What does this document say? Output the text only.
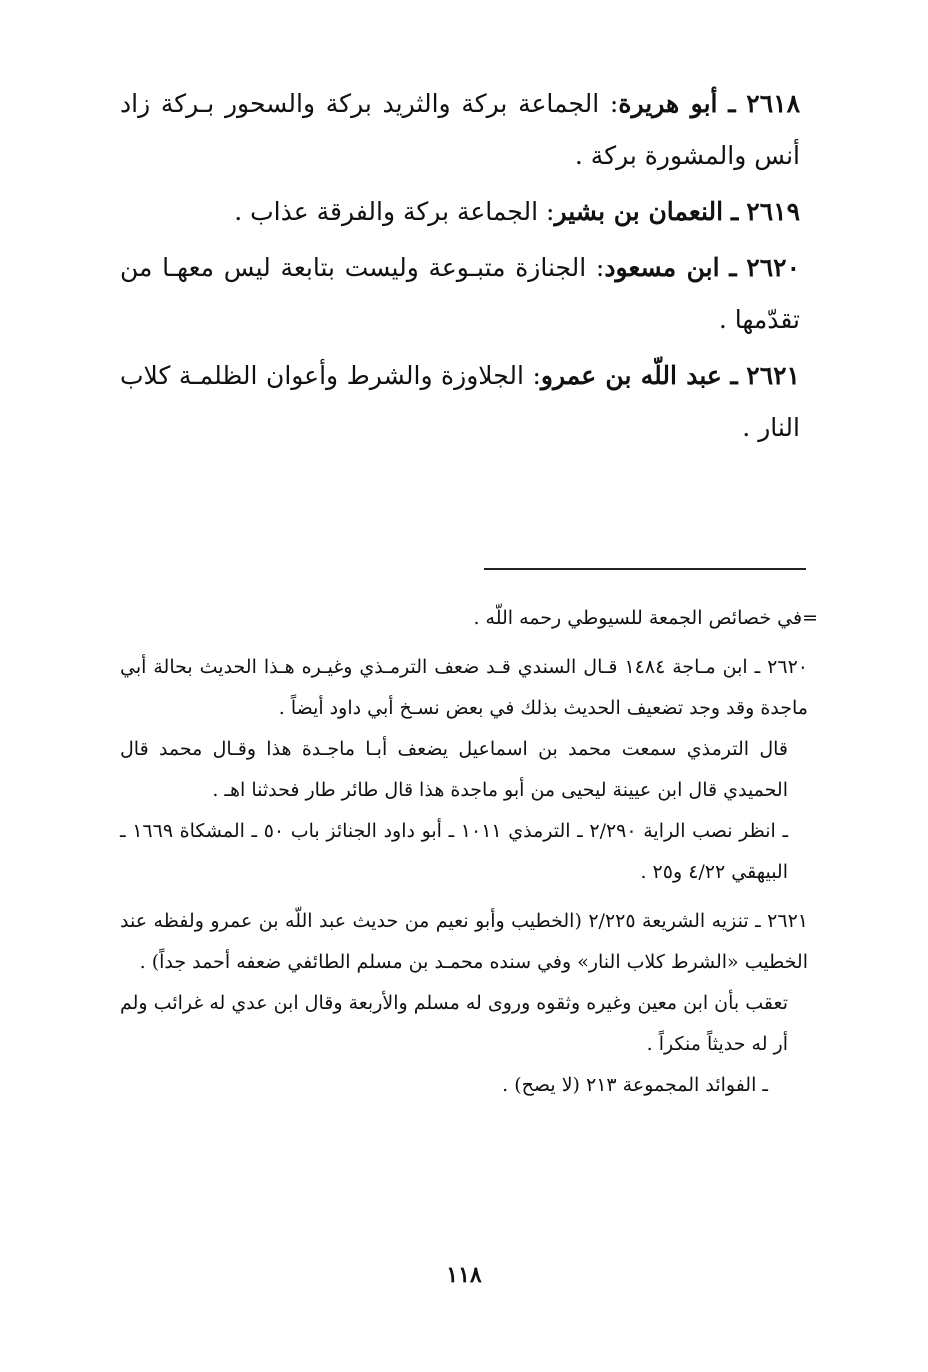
٢٦١٨ ـ أبو هريرة: الجماعة بركة والثريد بركة والسحور بـركة زاد أنس والمشورة بركة .

٢٦١٩ ـ النعمان بن بشير: الجماعة بركة والفرقة عذاب .

٢٦٢٠ ـ ابن مسعود: الجنازة متبـوعة وليست بتابعة ليس معهـا من تقدّمها .

٢٦٢١ ـ عبد اللّه بن عمرو: الجلاوزة والشرط وأعوان الظلمـة كلاب النار .

=في خصائص الجمعة للسيوطي رحمه اللّه .

٢٦٢٠ ـ ابن مـاجة ١٤٨٤ قـال السندي قـد ضعف الترمـذي وغيـره هـذا الحديث بحالة أبي ماجدة وقد وجد تضعيف الحديث بذلك في بعض نسـخ أبي داود أيضاً .

قال الترمذي سمعت محمد بن اسماعيل يضعف أبـا ماجـدة هذا وقـال محمد قال الحميدي قال ابن عيينة ليحيى من أبو ماجدة هذا قال طائر طار فحدثنا اهـ .

ـ انظر نصب الراية ٢/٢٩٠ ـ الترمذي ١٠١١ ـ أبو داود الجنائز باب ٥٠ ـ المشكاة ١٦٦٩ ـ البيهقي ٤/٢٢ و٢٥ .

٢٦٢١ ـ تنزيه الشريعة ٢/٢٢٥ (الخطيب وأبو نعيم من حديث عبد اللّه بن عمرو ولفظه عند الخطيب «الشرط كلاب النار» وفي سنده محمـد بن مسلم الطائفي ضعفه أحمد جداً) .

تعقب بأن ابن معين وغيره وثقوه وروى له مسلم والأربعة وقال ابن عدي له غرائب ولم أر له حديثاً منكراً .

ـ الفوائد المجموعة ٢١٣ (لا يصح) .

١١٨
